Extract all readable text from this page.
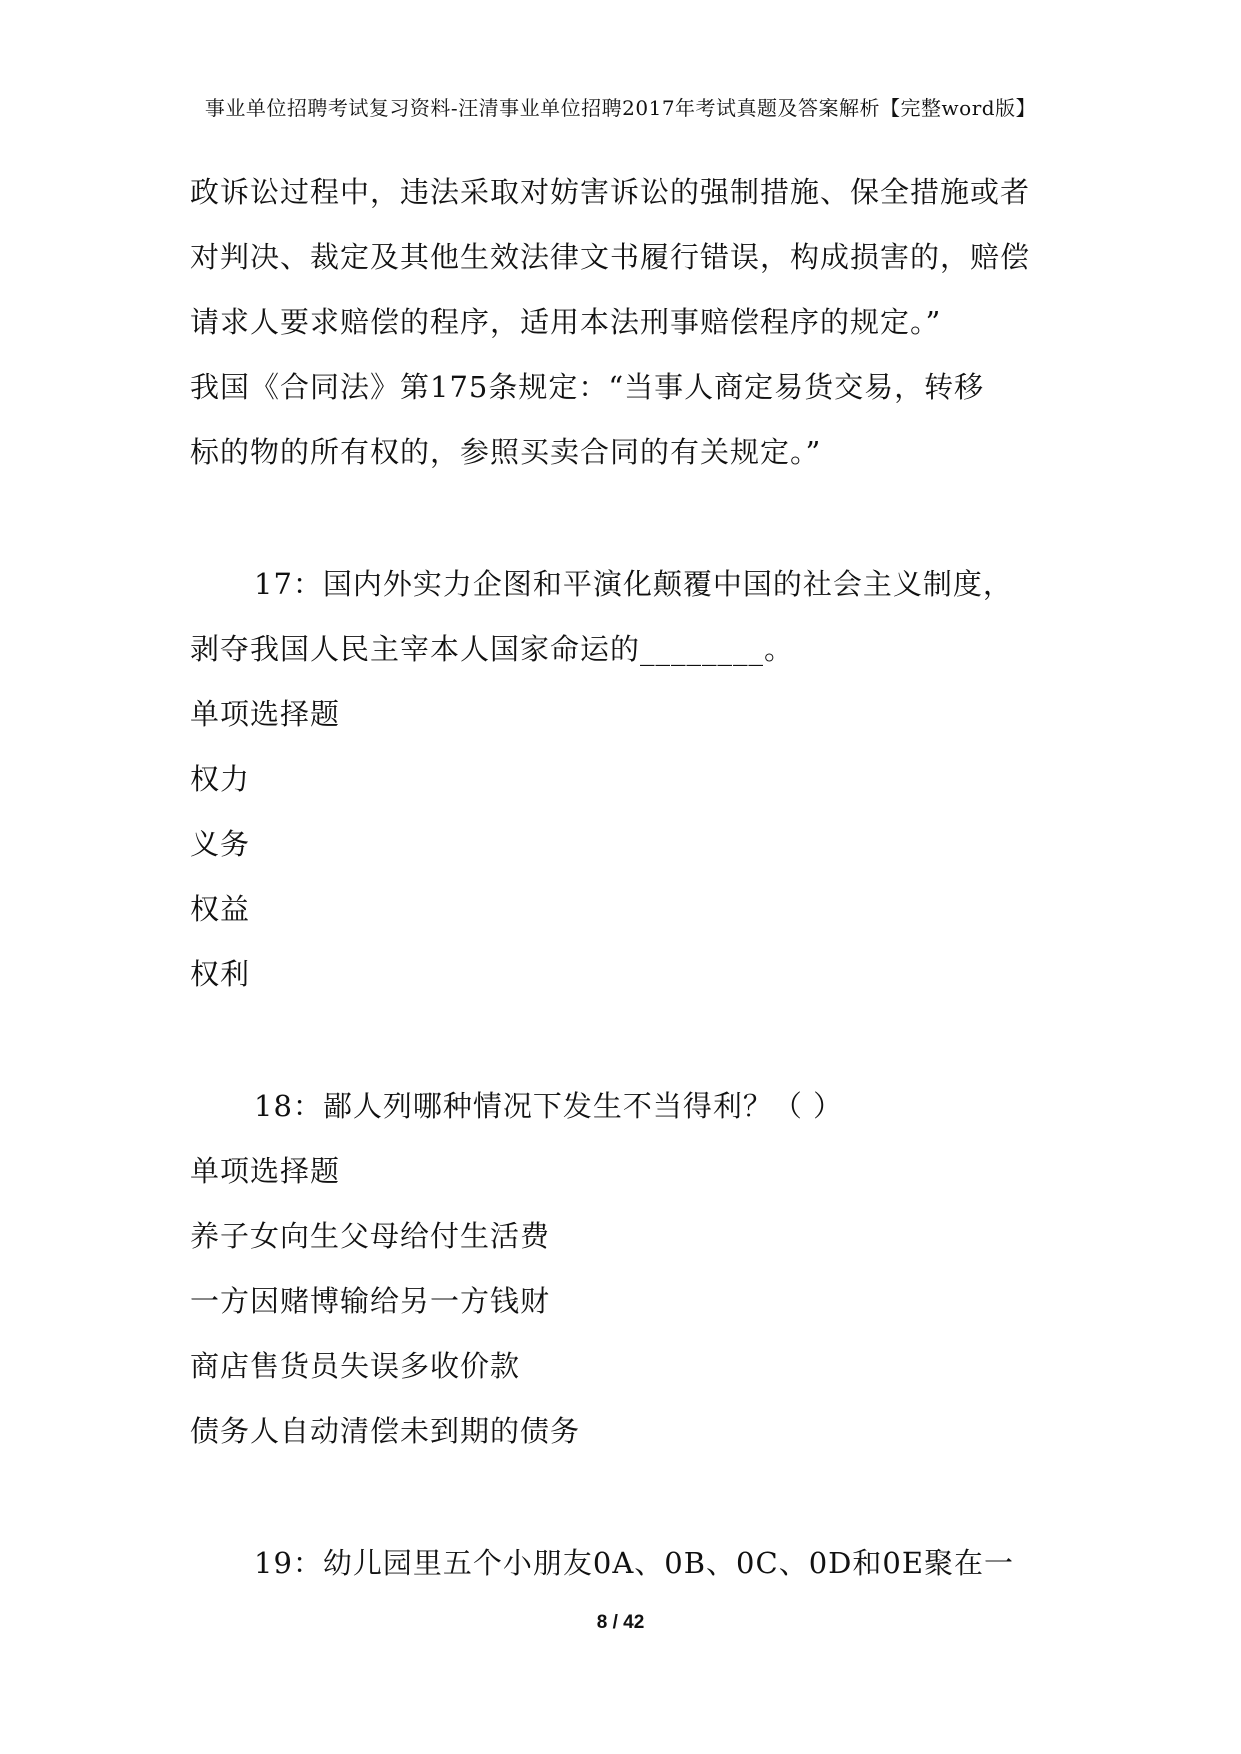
事业单位招聘考试复习资料-汪清事业单位招聘2017年考试真题及答案解析【完整word版】
政诉讼过程中，违法采取对妨害诉讼的强制措施、保全措施或者
对判决、裁定及其他生效法律文书履行错误，构成损害的，赔偿
请求人要求赔偿的程序，适用本法刑事赔偿程序的规定。”
我国《合同法》第175条规定：“当事人商定易货交易，转移
标的物的所有权的，参照买卖合同的有关规定。”
17：国内外实力企图和平演化颠覆中国的社会主义制度，
剥夺我国人民主宰本人国家命运的________。
单项选择题
权力
义务
权益
权利
18：鄙人列哪种情况下发生不当得利？（ ）
单项选择题
养子女向生父母给付生活费
一方因赌博输给另一方钱财
商店售货员失误多收价款
债务人自动清偿未到期的债务
19：幼儿园里五个小朋友0A、0B、0C、0D和0E聚在一
8 / 42
